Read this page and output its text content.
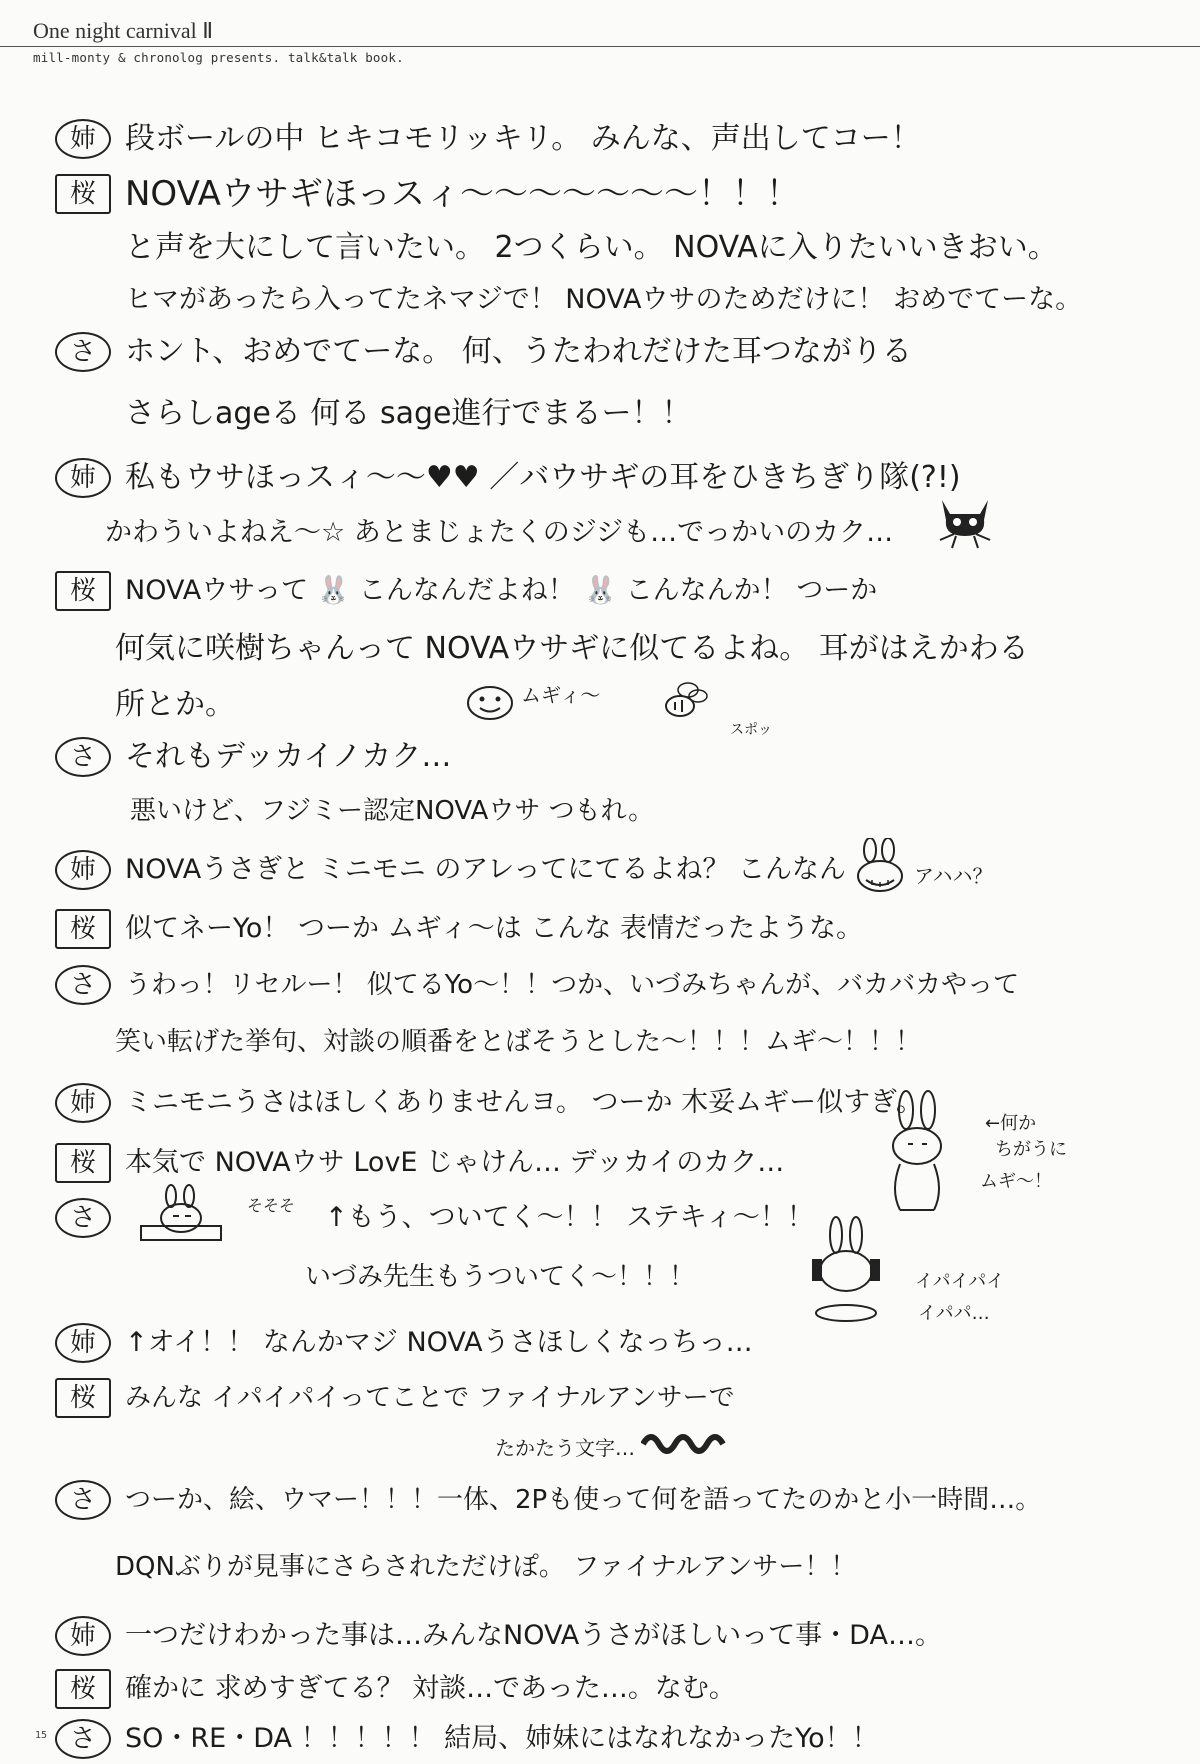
One night carnival Ⅱ
mill-monty & chronolog presents. talk&talk book.
姉 段ボールの中 ヒキコモリッキリ。 みんな、声出してコー！
桜 NOVAウサギほっスィ〜〜〜〜〜〜〜！！！
と声を大にして言いたい。 2つくらい。 NOVAに入りたいいきおい。
ヒマがあったら入ってたネマジで！ NOVAウサのためだけに！ おめでてーな。
さ ホント、おめでてーな。 何、うたわれだけた耳つながりる
さらしageる 何る sage進行でまるー！！
姉 私もウサほっスィ〜〜♥♥ ／バウサギの耳をひきちぎり隊(?!)
かわういよねえ〜☆ あとまじょたくのジジも…でっかいのカク…
桜	NOVAウサって 🐰 こんなんだよね！ 🐰 こんなんか！ つーか
何気に咲樹ちゃんって NOVAウサギに似てるよね。 耳がはえかわる
所とか。	ムギィ〜
さ それもデッカイノカク…
悪いけど、フジミー認定NOVAウサ つもれ。
姉	NOVAうさぎと ミニモニ のアレってにてるよね？ こんなん	アハハ？
桜	似てネーYo！ つーか ムギィ〜は こんな 表情だったような。
さ	うわっ！リセルー！ 似てるYo〜！！つか、いづみちゃんが、バカバカやって
笑い転げた挙句、対談の順番をとばそうとした〜！！！ムギ〜！！！
姉	ミニモニうさはほしくありませんヨ。 つーか 木妥ムギー似すぎ。
桜	本気で NOVAウサ LovE じゃけん… デッカイのカク…
さ	そそそ ↑もう、ついてく〜！！ ステキィ〜！！
いづみ先生もうついてく〜！！！
姉	↑オイ！！ なんかマジ NOVAうさほしくなっちっ…
桜	みんな イパイパイってことで ファイナルアンサーで
たかたう文字…
さ	つーか、絵、ウマー！！！一体、2Pも使って何を語ってたのかと小一時間…。
DQNぶりが見事にさらされただけぽ。 ファイナルアンサー！！
姉	一つだけわかった事は…みんなNOVAうさがほしいって事・DA…。
桜	確かに 求めすぎてる？ 対談…であった…。なむ。
さ	SO・RE・DA ！！！！！ 結局、姉妹にはなれなかったYo！！
←何か
ちがうに
ムギ〜！
スポッ
イパイパイ
イパパ…
15
